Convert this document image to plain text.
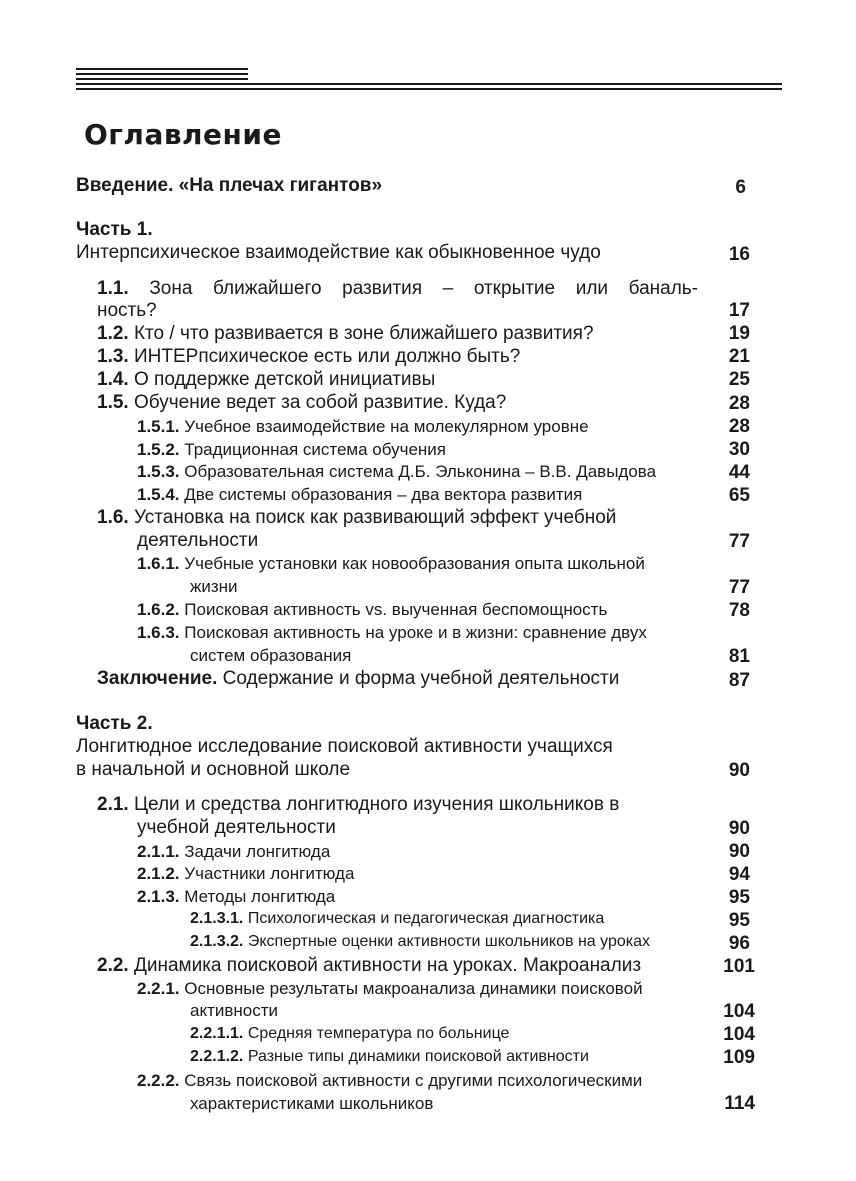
Оглавление
Введение. «На плечах гигантов»	6
Часть 1.
Интерпсихическое взаимодействие как обыкновенное чудо	16
1.1. Зона ближайшего развития – открытие или баналь-
ность?	17
1.2. Кто / что развивается в зоне ближайшего развития?	19
1.3. ИНТЕРпсихическое есть или должно быть?	21
1.4. О поддержке детской инициативы	25
1.5. Обучение ведет за собой развитие. Куда?	28
1.5.1. Учебное взаимодействие на молекулярном уровне	28
1.5.2. Традиционная система обучения	30
1.5.3. Образовательная система Д.Б. Эльконина – В.В. Давыдова	44
1.5.4. Две системы образования – два вектора развития	65
1.6. Установка на поиск как развивающий эффект учебной
деятельности	77
1.6.1. Учебные установки как новообразования опыта школьной
жизни	77
1.6.2. Поисковая активность vs. выученная беспомощность	78
1.6.3. Поисковая активность на уроке и в жизни: сравнение двух
систем образования	81
Заключение. Содержание и форма учебной деятельности	87
Часть 2.
Лонгитюдное исследование поисковой активности учащихся
в начальной и основной школе	90
2.1. Цели и средства лонгитюдного изучения школьников в
учебной деятельности	90
2.1.1. Задачи лонгитюда	90
2.1.2. Участники лонгитюда	94
2.1.3. Методы лонгитюда	95
2.1.3.1. Психологическая и педагогическая диагностика	95
2.1.3.2. Экспертные оценки активности школьников на уроках	96
2.2. Динамика поисковой активности на уроках. Макроанализ	101
2.2.1. Основные результаты макроанализа динамики поисковой
активности	104
2.2.1.1. Средняя температура по больнице	104
2.2.1.2. Разные типы динамики поисковой активности	109
2.2.2. Связь поисковой активности с другими психологическими
характеристиками школьников	114
